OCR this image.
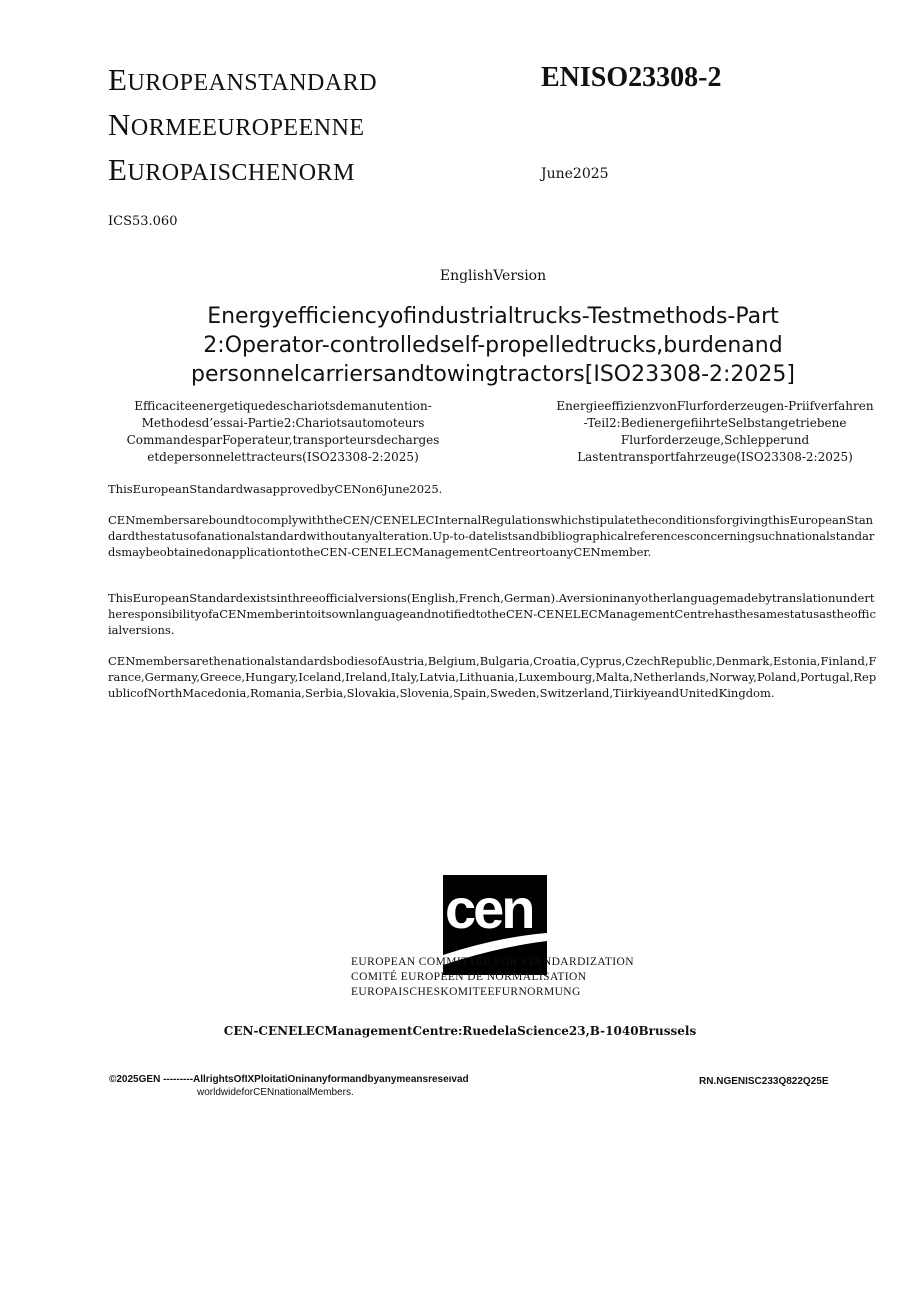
EUROPEANSTANDARD
NORMEEUROPEENNE
EUROPAISCHENORM
ENISO23308-2
June2025
ICS53.060
EnglishVersion
Energyefficiencyofindustrialtrucks-Testmethods-Part 2:Operator-controlledself-propelledtrucks,burdenand personnelcarriersandtowingtractors[ISO23308-2:2025]
Efficaciteenergetiquedeschariotsdemanutention-
Methodesd’essai-Partie2:Chariotsautomoteurs
CommandesparFoperateur,transporteursdecharges
etdepersonnelettracteurs(ISO23308-2:2025)
EnergieeffizienzvonFlurforderzeugen-Priifverfahren
-Teil2:BedienergefiihrteSelbstangetriebene
Flurforderzeuge,Schlepperund
Lastentransportfahrzeuge(ISO23308-2:2025)
ThisEuropeanStandardwasapprovedbyCENon6June2025.
CENmembersareboundtocomplywiththeCEN/CENELECInternalRegulationswhichstipulatetheconditionsforgivingthisEuropeanStandardthestatusofanationalstandardwithoutanyalteration.Up-to-datelistsandbibliographicalreferencesconcerningsuchnationalstandardsmaybeobtainedonapplicationtotheCEN-CENELECManagementCentreortoanyCENmember.
ThisEuropeanStandardexistsinthreeofficialversions(English,French,German).AversioninanyotherlanguagemadebytranslationundertheresponsibilityofaCENmemberintoitsownlanguageandnotifiedtotheCEN-CENELECManagementCentrehasthesamestatusastheofficialversions.
CENmembersarethenationalstandardsbodiesofAustria,Belgium,Bulgaria,Croatia,Cyprus,CzechRepublic,Denmark,Estonia,Finland,France,Germany,Greece,Hungary,Iceland,Ireland,Italy,Latvia,Lithuania,Luxembourg,Malta,Netherlands,Norway,Poland,Portugal,RepublicofNorthMacedonia,Romania,Serbia,Slovakia,Slovenia,Spain,Sweden,Switzerland,TiirkiyeandUnitedKingdom.
cen
EUROPEAN COMMITTEE FOR STANDARDIZATION
COMITÉ EUROPÉEN DE NORMALISATION
EUROPAISCHESKOMITEEFURNORMUNG
CEN-CENELECManagementCentre:RuedelaScience23,B-1040Brussels
©2025GEN ---------AllrightsOfIXPloitatiOninanyformandbyanymeansreseıvad
worldwideforCENnationalMembers.
RN.NGENISC233Q822Q25E
